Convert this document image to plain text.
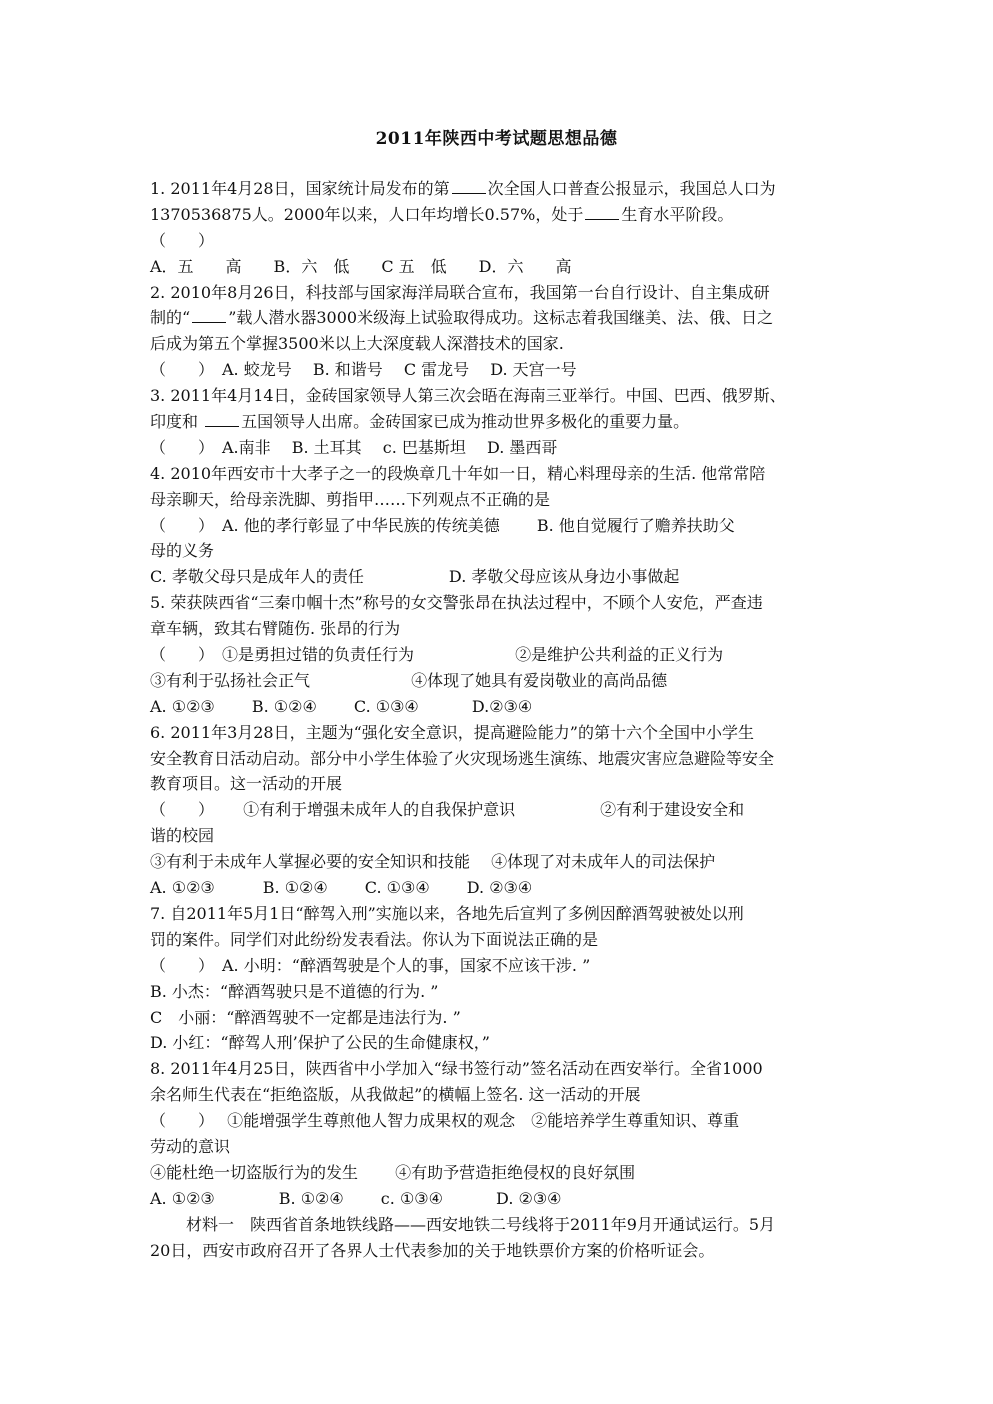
2011年陕西中考试题思想品德
1. 2011年4月28日，国家统计局发布的第 次全国人口普查公报显示，我国总人口为
1370536875人。2000年以来，人口年均增长0.57%，处于 生育水平阶段。
（　　）
A．五　　高　　B．六　低　　C 五　低　　D．六　　高
2. 2010年8月26日，科技部与国家海洋局联合宣布，我国第一台自行设计、自主集成研
制的“ ”载人潜水器3000米级海上试验取得成功。这标志着我国继美、法、俄、日之
后成为第五个掌握3500米以上大深度载人深潜技术的国家.
（　　）　A. 蛟龙号　 B. 和谐号　 C 雷龙号　 D. 天宫一号
3. 2011年4月14日，金砖国家领导人第三次会晤在海南三亚举行。中国、巴西、俄罗斯、
印度和 五国领导人出席。金砖国家已成为推动世界多极化的重要力量。
（　　）　A.南非　 B. 土耳其　 c. 巴基斯坦　 D. 墨西哥
4. 2010年西安市十大孝子之一的段焕章几十年如一日，精心料理母亲的生活. 他常常陪
母亲聊天，给母亲洗脚、剪指甲……下列观点不正确的是
（　　）　A. 他的孝行彰显了中华民族的传统美德　　 B. 他自觉履行了赡养扶助父
母的义务
C. 孝敬父母只是成年人的责任　　　　　 D. 孝敬父母应该从身边小事做起
5. 荣获陕西省“三秦巾帼十杰”称号的女交警张昂在执法过程中，不顾个人安危，严查违
章车辆，致其右臂随伤. 张昂的行为
（　　）　①是勇担过错的负责任行为　　　　　　 ②是维护公共利益的正义行为
③有利于弘扬社会正气　　　　　　 ④体现了她具有爱岗敬业的高尚品德
A. ①②③　　 B. ①②④　　 C. ①③④　　　 D.②③④
6. 2011年3月28日，主题为“强化安全意识，提高避险能力”的第十六个全国中小学生
安全教育日活动启动。部分中小学生体验了火灾现场逃生演练、地震灾害应急避险等安全
教育项目。这一活动的开展
（　　）　　 ①有利于增强未成年人的自我保护意识　　　　　 ②有利于建设安全和
谐的校园
③有利于未成年人掌握必要的安全知识和技能　 ④体现了对未成年人的司法保护
A. ①②③　　　B. ①②④　　 C. ①③④　　 D. ②③④
7. 自2011年5月1日“醉驾入刑”实施以来，各地先后宣判了多例因醉酒驾驶被处以刑
罚的案件。同学们对此纷纷发表看法。你认为下面说法正确的是
（　　）　A. 小明：“醉酒驾驶是个人的事，国家不应该干涉. ”
B. 小杰：“醉酒驾驶只是不道德的行为. ”
C　小丽：“醉酒驾驶不一定都是违法行为. ”
D. 小红：“醉驾人刑’保护了公民的生命健康权，”
8. 2011年4月25日，陕西省中小学加入“绿书签行动”签名活动在西安举行。全省1000
余名师生代表在“拒绝盗版，从我做起”的横幅上签名. 这一活动的开展
（　　）　 ①能增强学生尊煎他人智力成果权的观念　②能培养学生尊重知识、尊重
劳动的意识
④能杜绝一切盗版行为的发生　　 ④有助予营造拒绝侵权的良好氛围
A. ①②③　　　　B. ①②④　　 c. ①③④　　　 D. ②③④
材料一　陕西省首条地铁线路——西安地铁二号线将于2011年9月开通试运行。5月
20日，西安市政府召开了各界人士代表参加的关于地铁票价方案的价格听证会。
